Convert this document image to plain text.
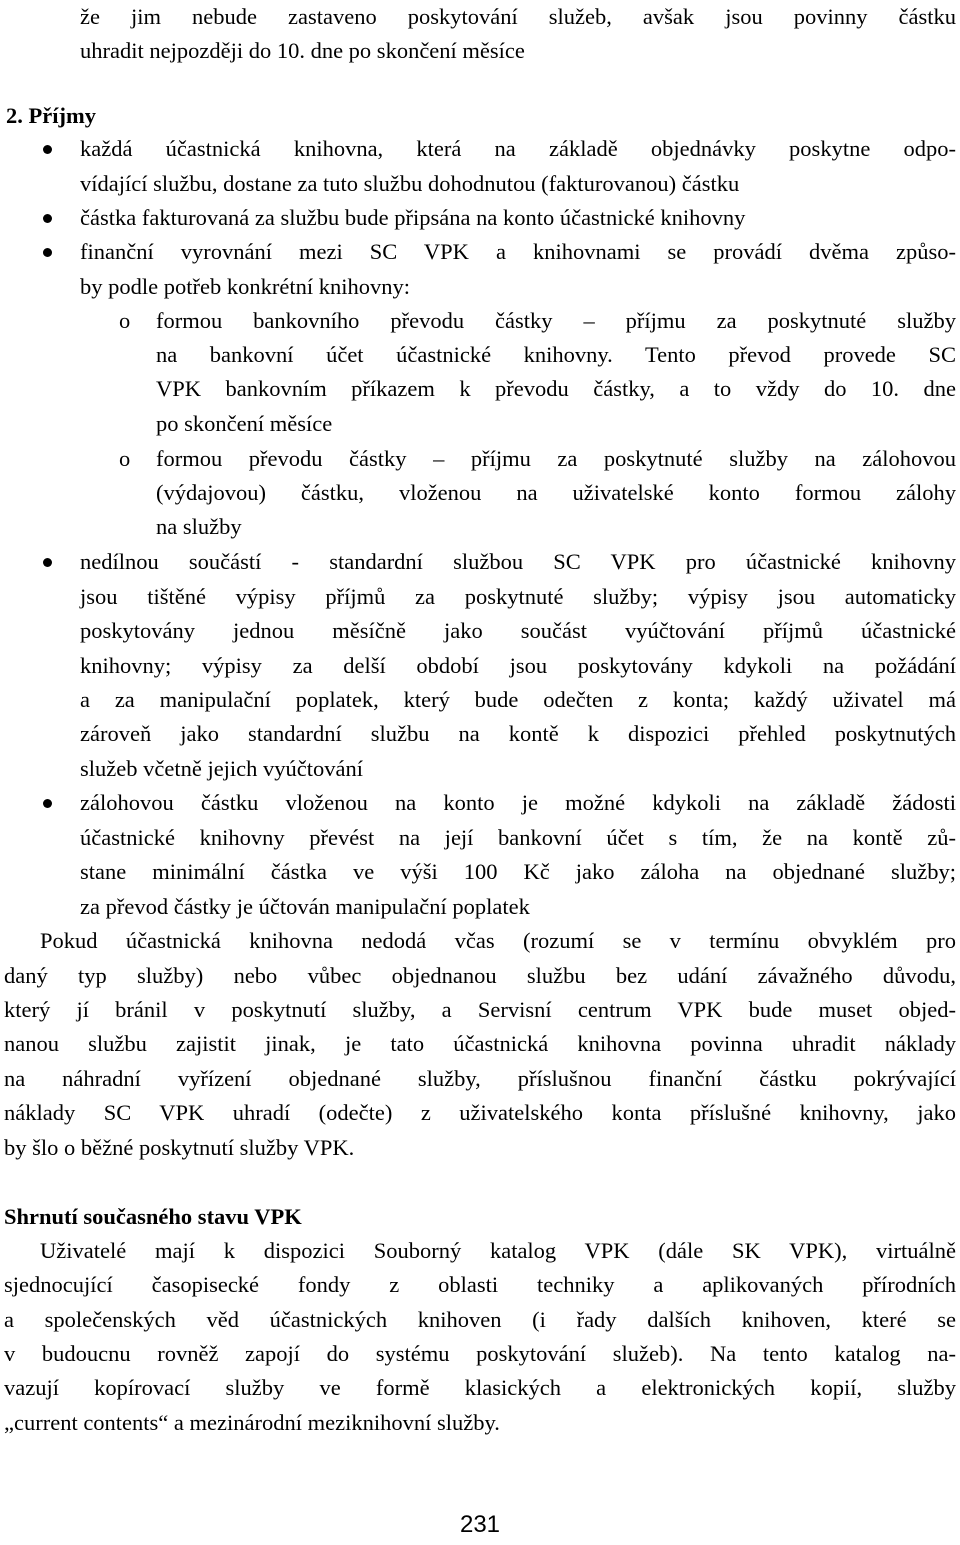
že jim nebude zastaveno poskytování služeb, avšak jsou povinny částku
uhradit nejpozději do 10. dne po skončení měsíce
2. Příjmy
každá účastnická knihovna, která na základě objednávky poskytne odpo-
vídající službu, dostane za tuto službu dohodnutou (fakturovanou) částku
částka fakturovaná za službu bude připsána na konto účastnické knihovny
finanční vyrovnání mezi SC VPK a knihovnami se provádí dvěma způso-
by podle potřeb konkrétní knihovny:
o formou bankovního převodu částky – příjmu za poskytnuté služby
na bankovní účet účastnické knihovny. Tento převod provede SC
VPK bankovním příkazem k převodu částky, a to vždy do 10. dne
po skončení měsíce
o formou převodu částky – příjmu za poskytnuté služby na zálohovou
(výdajovou) částku, vloženou na uživatelské konto formou zálohy
na služby
nedílnou součástí - standardní službou SC VPK pro účastnické knihovny
jsou tištěné výpisy příjmů za poskytnuté služby; výpisy jsou automaticky
poskytovány jednou měsíčně jako součást vyúčtování příjmů účastnické
knihovny; výpisy za delší období jsou poskytovány kdykoli na požádání
a za manipulační poplatek, který bude odečten z konta; každý uživatel má
zároveň jako standardní službu na kontě k dispozici přehled poskytnutých
služeb včetně jejich vyúčtování
zálohovou částku vloženou na konto je možné kdykoli na základě žádosti
účastnické knihovny převést na její bankovní účet s tím, že na kontě zů-
stane minimální částka ve výši 100 Kč jako záloha na objednané služby;
za převod částky je účtován manipulační poplatek
Pokud účastnická knihovna nedodá včas (rozumí se v termínu obvyklém pro
daný typ služby) nebo vůbec objednanou službu bez udání závažného důvodu,
který jí bránil v poskytnutí služby, a Servisní centrum VPK bude muset objed-
nanou službu zajistit jinak, je tato účastnická knihovna povinna uhradit náklady
na náhradní vyřízení objednané služby, příslušnou finanční částku pokrývající
náklady SC VPK uhradí (odečte) z uživatelského konta příslušné knihovny, jako
by šlo o běžné poskytnutí služby VPK.
Shrnutí současného stavu VPK
Uživatelé mají k dispozici Souborný katalog VPK (dále SK VPK), virtuálně
sjednocující časopisecké fondy z oblasti techniky a aplikovaných přírodních
a společenských věd účastnických knihoven (i řady dalších knihoven, které se
v budoucnu rovněž zapojí do systému poskytování služeb). Na tento katalog na-
vazují kopírovací služby ve formě klasických a elektronických kopií, služby
„current contents“ a mezinárodní meziknihovní služby.
231
